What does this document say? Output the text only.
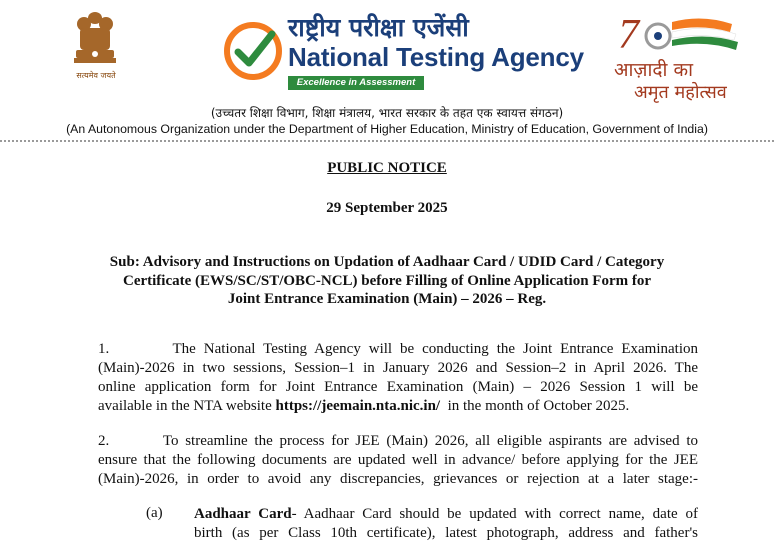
सत्यमेव जयते
राष्ट्रीय परीक्षा एजेंसी
National Testing Agency
Excellence in Assessment
7
आज़ादी का
अमृत महोत्सव
(उच्चतर शिक्षा विभाग, शिक्षा मंत्रालय, भारत सरकार के तहत एक स्वायत्त संगठन)
(An Autonomous Organization under the Department of Higher Education, Ministry of Education, Government of India)
PUBLIC NOTICE
29 September 2025
Sub: Advisory and Instructions on Updation of Aadhaar Card / UDID Card / Category
Certificate (EWS/SC/ST/OBC-NCL) before Filling of Online Application Form for
Joint Entrance Examination (Main) – 2026 – Reg.
1.        The National Testing Agency will be conducting the Joint Entrance Examination
(Main)-2026 in two sessions, Session–1 in January 2026 and Session–2 in April 2026. The
online application form for Joint Entrance Examination (Main) – 2026 Session 1 will be
available in the NTA website https://jeemain.nta.nic.in/  in the month of October 2025.
2.        To streamline the process for JEE (Main) 2026, all eligible aspirants are advised to
ensure that the following documents are updated well in advance/ before applying for the JEE
(Main)-2026, in order to avoid any discrepancies, grievances or rejection at a later stage:-
(a) Aadhaar Card- Aadhaar Card should be updated with correct name, date of
birth (as per Class 10th certificate), latest photograph, address and father's
